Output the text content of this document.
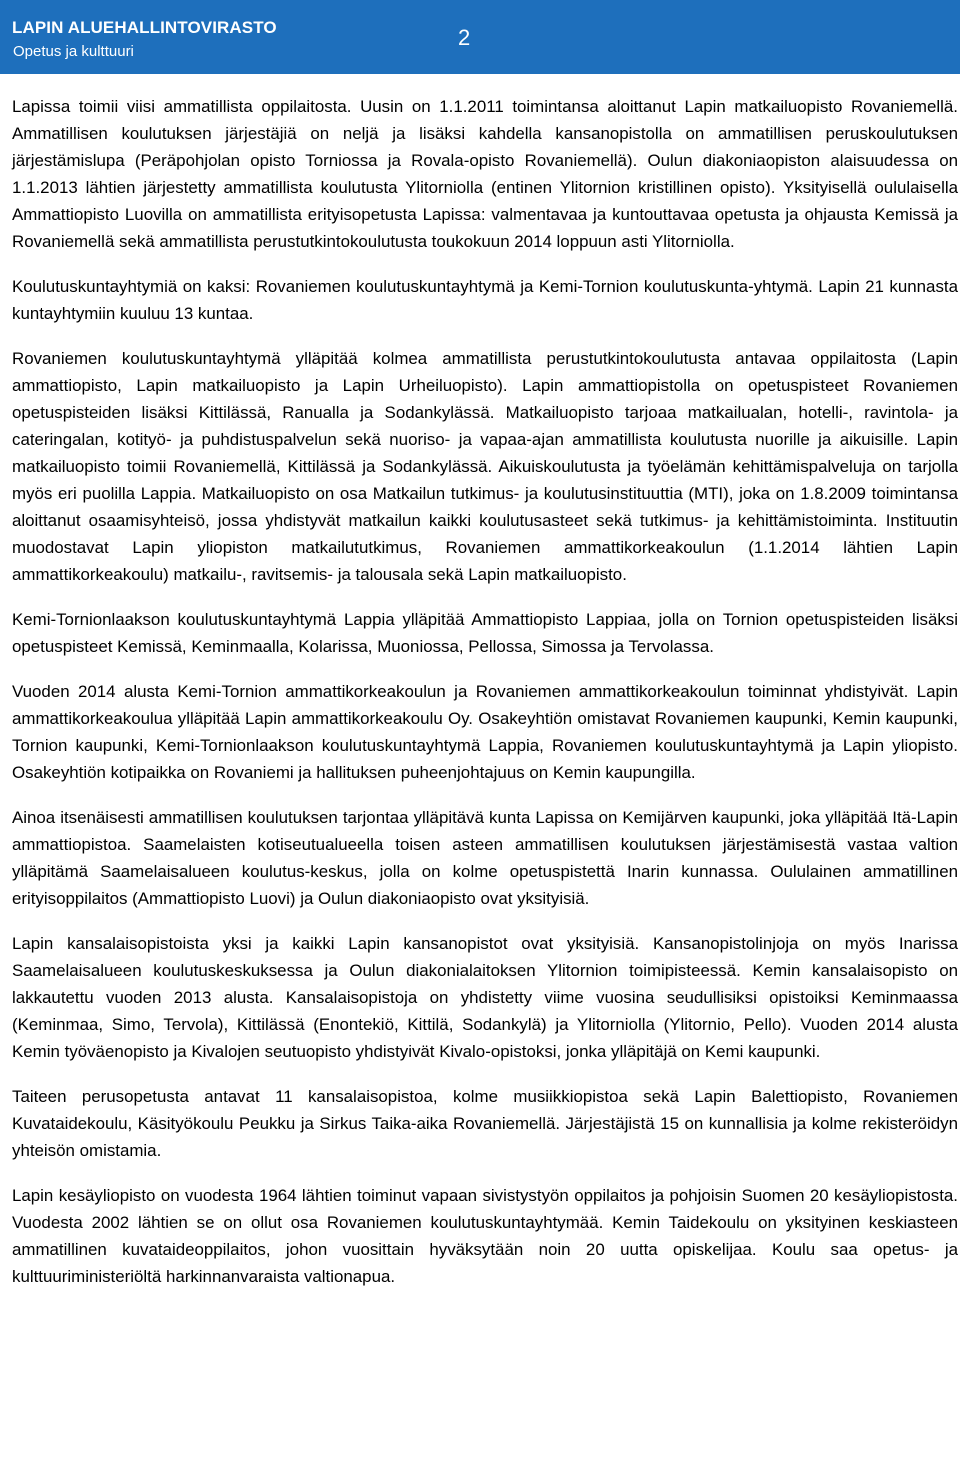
LAPIN ALUEHALLINTOVIRASTO

Opetus ja kulttuuri

2

Lapissa toimii viisi ammatillista oppilaitosta. Uusin on 1.1.2011 toimintansa aloittanut Lapin matkailuopisto Rovaniemellä. Ammatillisen koulutuksen järjestäjiä on neljä ja lisäksi kahdella kansanopistolla on ammatillisen peruskoulutuksen järjestämislupa (Peräpohjolan opisto Torniossa ja Rovala-opisto Rovaniemellä). Oulun diakoniaopiston alaisuudessa on 1.1.2013 lähtien järjestetty ammatillista koulutusta Ylitorniolla (entinen Ylitornion kristillinen opisto). Yksityisellä oululaisella Ammattiopisto Luovilla on ammatillista erityisopetusta Lapissa: valmentavaa ja kuntouttavaa opetusta ja ohjausta Kemissä ja Rovaniemellä sekä ammatillista perustutkintokoulutusta toukokuun 2014 loppuun asti Ylitorniolla.

Koulutuskuntayhtymiä on kaksi: Rovaniemen koulutuskuntayhtymä ja Kemi-Tornion koulutuskunta-yhtymä. Lapin 21 kunnasta kuntayhtymiin kuuluu 13 kuntaa.

Rovaniemen koulutuskuntayhtymä ylläpitää kolmea ammatillista perustutkintokoulutusta antavaa oppilaitosta (Lapin ammattiopisto, Lapin matkailuopisto ja Lapin Urheiluopisto). Lapin ammattiopistolla on opetuspisteet Rovaniemen opetuspisteiden lisäksi Kittilässä, Ranualla ja Sodankylässä. Matkailuopisto tarjoaa matkailualan, hotelli-, ravintola- ja cateringalan, kotityö- ja puhdistuspalvelun sekä nuoriso- ja vapaa-ajan ammatillista koulutusta nuorille ja aikuisille. Lapin matkailuopisto toimii Rovaniemellä, Kittilässä ja Sodankylässä. Aikuiskoulutusta ja työelämän kehittämispalveluja on tarjolla myös eri puolilla Lappia. Matkailuopisto on osa Matkailun tutkimus- ja koulutusinstituuttia (MTI), joka on 1.8.2009 toimintansa aloittanut osaamisyhteisö, jossa yhdistyvät matkailun kaikki koulutusasteet sekä tutkimus- ja kehittämistoiminta. Instituutin muodostavat Lapin yliopiston matkailututkimus, Rovaniemen ammattikorkeakoulun (1.1.2014 lähtien Lapin ammattikorkeakoulu) matkailu-, ravitsemis- ja talousala sekä Lapin matkailuopisto.

Kemi-Tornionlaakson koulutuskuntayhtymä Lappia ylläpitää Ammattiopisto Lappiaa, jolla on Tornion opetuspisteiden lisäksi opetuspisteet Kemissä, Keminmaalla, Kolarissa, Muoniossa, Pellossa, Simossa ja Tervolassa.

Vuoden 2014 alusta Kemi-Tornion ammattikorkeakoulun ja Rovaniemen ammattikorkeakoulun toiminnat yhdistyivät. Lapin ammattikorkeakoulua ylläpitää Lapin ammattikorkeakoulu Oy. Osakeyhtiön omistavat Rovaniemen kaupunki, Kemin kaupunki, Tornion kaupunki, Kemi-Tornionlaakson koulutuskuntayhtymä Lappia, Rovaniemen koulutuskuntayhtymä ja Lapin yliopisto. Osakeyhtiön kotipaikka on Rovaniemi ja hallituksen puheenjohtajuus on Kemin kaupungilla.

Ainoa itsenäisesti ammatillisen koulutuksen tarjontaa ylläpitävä kunta Lapissa on Kemijärven kaupunki, joka ylläpitää Itä-Lapin ammattiopistoa. Saamelaisten kotiseutualueella toisen asteen ammatillisen koulutuksen järjestämisestä vastaa valtion ylläpitämä Saamelaisalueen koulutus-keskus, jolla on kolme opetuspistettä Inarin kunnassa. Oululainen ammatillinen erityisoppilaitos (Ammattiopisto Luovi) ja Oulun diakoniaopisto ovat yksityisiä.

Lapin kansalaisopistoista yksi ja kaikki Lapin kansanopistot ovat yksityisiä. Kansanopistolinjoja on myös Inarissa Saamelaisalueen koulutuskeskuksessa ja Oulun diakonialaitoksen Ylitornion toimipisteessä. Kemin kansalaisopisto on lakkautettu vuoden 2013 alusta. Kansalaisopistoja on yhdistetty viime vuosina seudullisiksi opistoiksi Keminmaassa (Keminmaa, Simo, Tervola), Kittilässä (Enontekiö, Kittilä, Sodankylä) ja Ylitorniolla (Ylitornio, Pello). Vuoden 2014 alusta Kemin työväenopisto ja Kivalojen seutuopisto yhdistyivät Kivalo-opistoksi, jonka ylläpitäjä on Kemi kaupunki.

Taiteen perusopetusta antavat 11 kansalaisopistoa, kolme musiikkiopistoa sekä Lapin Balettiopisto, Rovaniemen Kuvataidekoulu, Käsityökoulu Peukku ja Sirkus Taika-aika Rovaniemellä. Järjestäjistä 15 on kunnallisia ja kolme rekisteröidyn yhteisön omistamia.

Lapin kesäyliopisto on vuodesta 1964 lähtien toiminut vapaan sivistystyön oppilaitos ja pohjoisin Suomen 20 kesäyliopistosta. Vuodesta 2002 lähtien se on ollut osa Rovaniemen koulutuskuntayhtymää. Kemin Taidekoulu on yksityinen keskiasteen ammatillinen kuvataideoppilaitos, johon vuosittain hyväksytään noin 20 uutta opiskelijaa. Koulu saa opetus- ja kulttuuriministeriöltä harkinnanvaraista valtionapua.
